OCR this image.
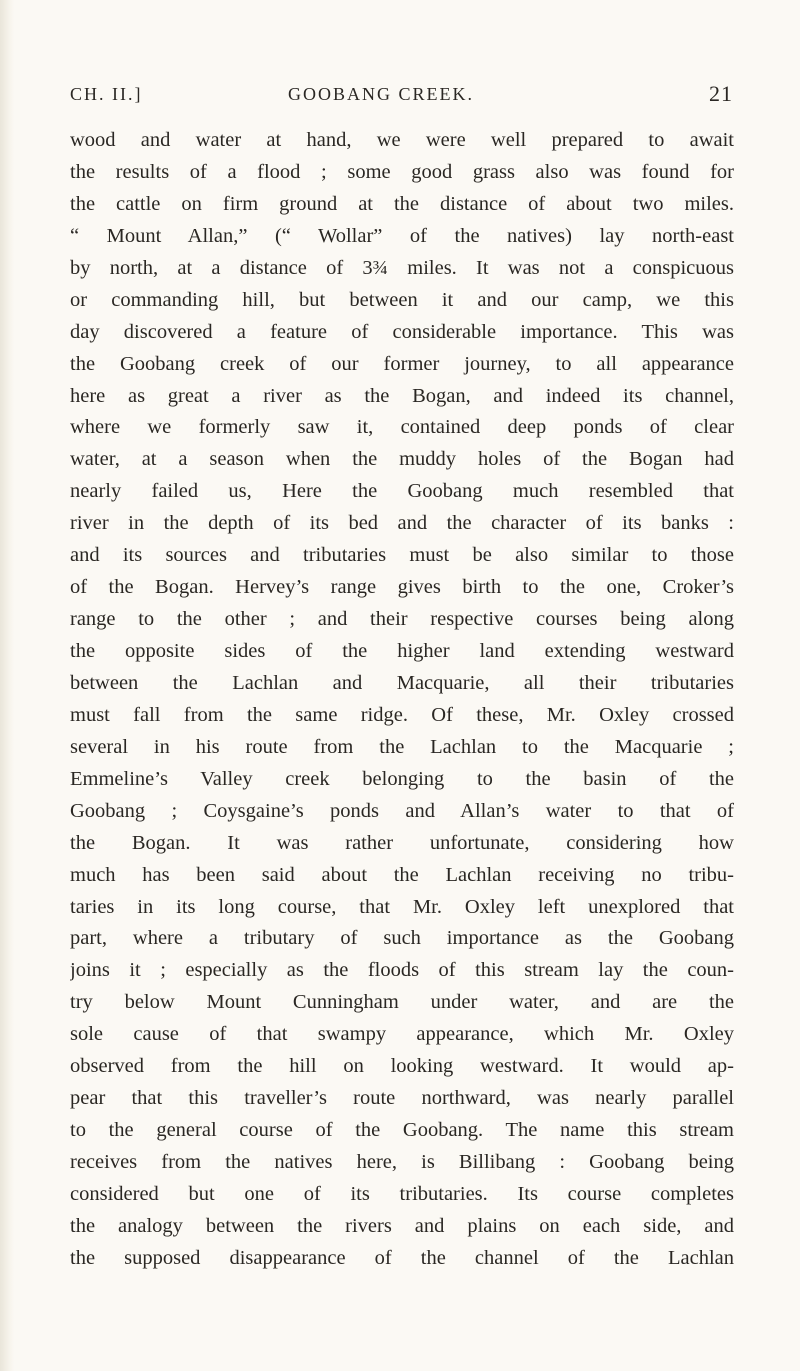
CH. II.]	GOOBANG CREEK.	21
wood and water at hand, we were well prepared to await
the results of a flood ; some good grass also was found for
the cattle on firm ground at the distance of about two miles.
“ Mount Allan,” (“ Wollar” of the natives) lay north-east
by north, at a distance of 3¾ miles. It was not a conspicuous
or commanding hill, but between it and our camp, we this
day discovered a feature of considerable importance. This was
the Goobang creek of our former journey, to all appearance
here as great a river as the Bogan, and indeed its channel,
where we formerly saw it, contained deep ponds of clear
water, at a season when the muddy holes of the Bogan had
nearly failed us, Here the Goobang much resembled that
river in the depth of its bed and the character of its banks :
and its sources and tributaries must be also similar to those
of the Bogan. Hervey’s range gives birth to the one, Croker’s
range to the other ; and their respective courses being along
the opposite sides of the higher land extending westward
between the Lachlan and Macquarie, all their tributaries
must fall from the same ridge. Of these, Mr. Oxley crossed
several in his route from the Lachlan to the Macquarie ;
Emmeline’s Valley creek belonging to the basin of the
Goobang ; Coysgaine’s ponds and Allan’s water to that of
the Bogan. It was rather unfortunate, considering how
much has been said about the Lachlan receiving no tribu-
taries in its long course, that Mr. Oxley left unexplored that
part, where a tributary of such importance as the Goobang
joins it ; especially as the floods of this stream lay the coun-
try below Mount Cunningham under water, and are the
sole cause of that swampy appearance, which Mr. Oxley
observed from the hill on looking westward. It would ap-
pear that this traveller’s route northward, was nearly parallel
to the general course of the Goobang. The name this stream
receives from the natives here, is Billibang : Goobang being
considered but one of its tributaries. Its course completes
the analogy between the rivers and plains on each side, and
the supposed disappearance of the channel of the Lachlan
